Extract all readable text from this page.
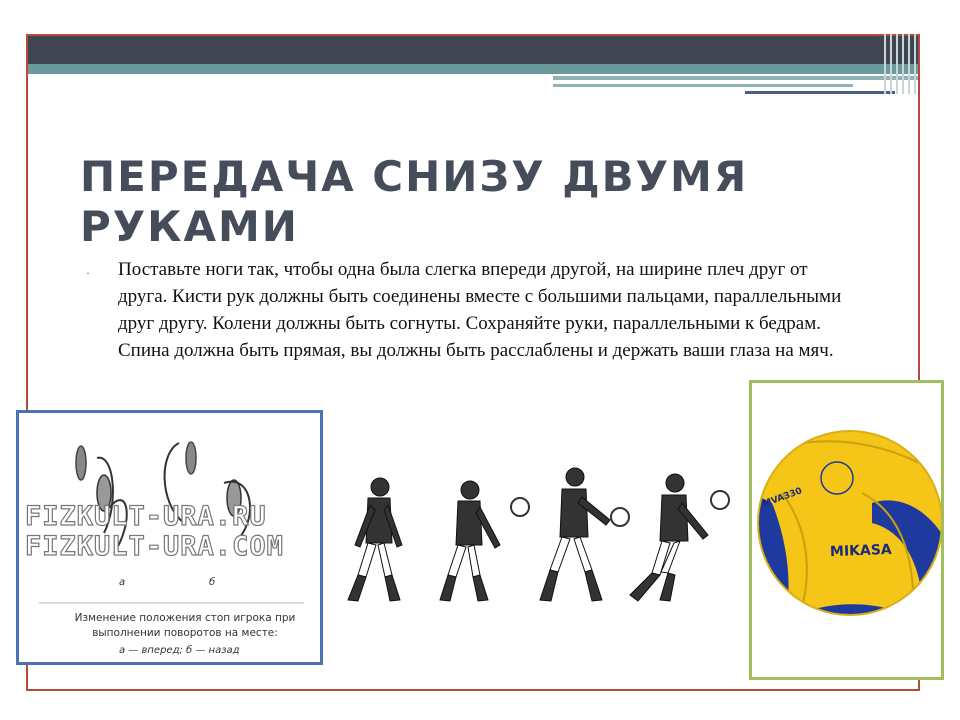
ПЕРЕДАЧА СНИЗУ ДВУМЯ РУКАМИ
· Поставьте ноги так, чтобы одна была слегка впереди другой, на ширине плеч друг от друга. Кисти рук должны быть соединены вместе с большими пальцами, параллельными друг другу. Колени должны быть согнуты. Сохраняйте руки, параллельными к бедрам. Спина должна быть прямая, вы должны быть расслаблены и держать ваши глаза на мяч.

FIZKULT-URA.RU
FIZKULT-URA.COM
а	б
Изменение положения стоп игрока при выполнении поворотов на месте:
а — вперед; б — назад
MVA330
MIKASA
